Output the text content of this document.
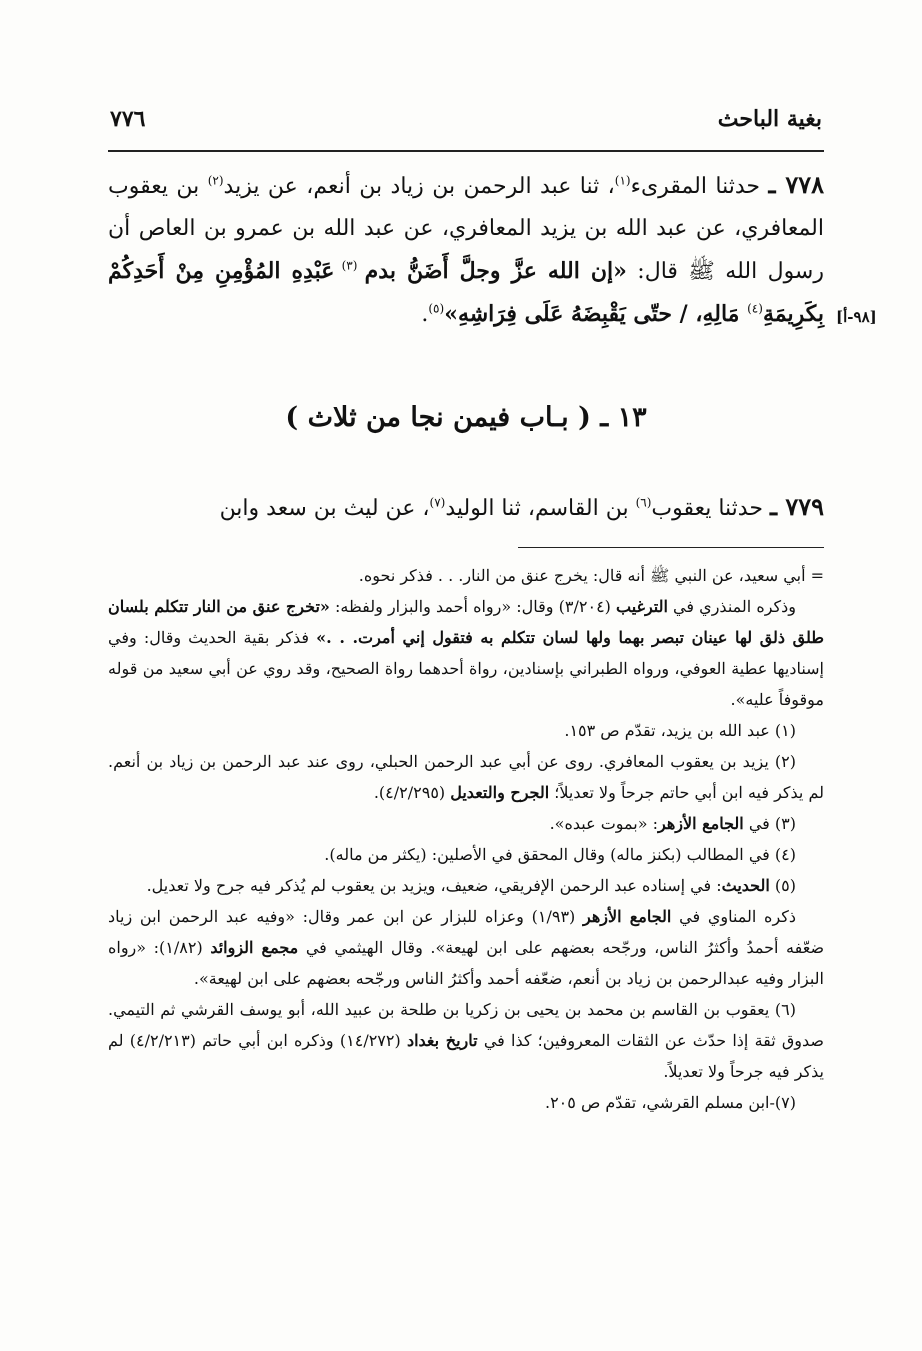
٧٧٦	بغية الباحث
٧٧٨ ـ حدثنا المقرىء$^{(١)}$، ثنا عبد الرحمن بن زياد بن أنعم، عن يزيد$^{(٢)}$ بن يعقوب المعافري، عن عبد الله بن يزيد المعافري، عن عبد الله بن عمرو بن العاص أن رسول الله ﷺ قال: «إن الله عزَّ وجلَّ أَضَنُّ بدم $^{(٣)}$ عَبْدِهِ المُؤْمِنِ مِنْ أَحَدِكُمْ بِكَرِيمَةِ$^{(٤)}$ مَالِهِ، / حتّى يَقْبِضَهُ عَلَى فِرَاشِهِ»$^{(٥)}$.	[٩٨-أ]
١٣ ـ ( بـاب فيمن نجا من ثلاث )
٧٧٩ ـ حدثنا يعقوب$^{(٦)}$ بن القاسم، ثنا الوليد$^{(٧)}$، عن ليث بن سعد وابن

= أبي سعيد، عن النبي ﷺ أنه قال: يخرج عنق من النار. . . فذكر نحوه.

وذكره المنذري في الترغيب (٣/٢٠٤) وقال: «رواه أحمد والبزار ولفظه: «تخرج عنق من النار تتكلم بلسان طلق ذلق لها عينان تبصر بهما ولها لسان تتكلم به فتقول إني أمرت. . .» فذكر بقية الحديث وقال: وفي إسناديها عطية العوفي، ورواه الطبراني بإسنادين، رواة أحدهما رواة الصحيح، وقد روي عن أبي سعيد من قوله موقوفاً عليه».

(١) عبد الله بن يزيد، تقدّم ص ١٥٣.

(٢) يزيد بن يعقوب المعافري. روى عن أبي عبد الرحمن الحبلي، روى عند عبد الرحمن بن زياد بن أنعم. لم يذكر فيه ابن أبي حاتم جرحاً ولا تعديلاً؛ الجرح والتعديل (٤/٢/٢٩٥).

(٣) في الجامع الأزهر: «بموت عبده».

(٤) في المطالب (بكنز ماله) وقال المحقق في الأصلين: (يكثر من ماله).

(٥) الحديث: في إسناده عبد الرحمن الإفريقي، ضعيف، ويزيد بن يعقوب لم يُذكر فيه جرح ولا تعديل.

ذكره المناوي في الجامع الأزهر (١/٩٣) وعزاه للبزار عن ابن عمر وقال: «وفيه عبد الرحمن ابن زياد ضعّفه أحمدُ وأكثرُ الناس، ورجّحه بعضهم على ابن لهيعة». وقال الهيثمي في مجمع الزوائد (١/٨٢): «رواه البزار وفيه عبدالرحمن بن زياد بن أنعم، ضعّفه أحمد وأكثرُ الناس ورجّحه بعضهم على ابن لهيعة».

(٦) يعقوب بن القاسم بن محمد بن يحيى بن زكريا بن طلحة بن عبيد الله، أبو يوسف القرشي ثم التيمي. صدوق ثقة إذا حدّث عن الثقات المعروفين؛ كذا في تاريخ بغداد (١٤/٢٧٢) وذكره ابن أبي حاتم (٤/٢/٢١٣) لم يذكر فيه جرحاً ولا تعديلاً.

(٧)-ابن مسلم القرشي، تقدّم ص ٢٠٥.
